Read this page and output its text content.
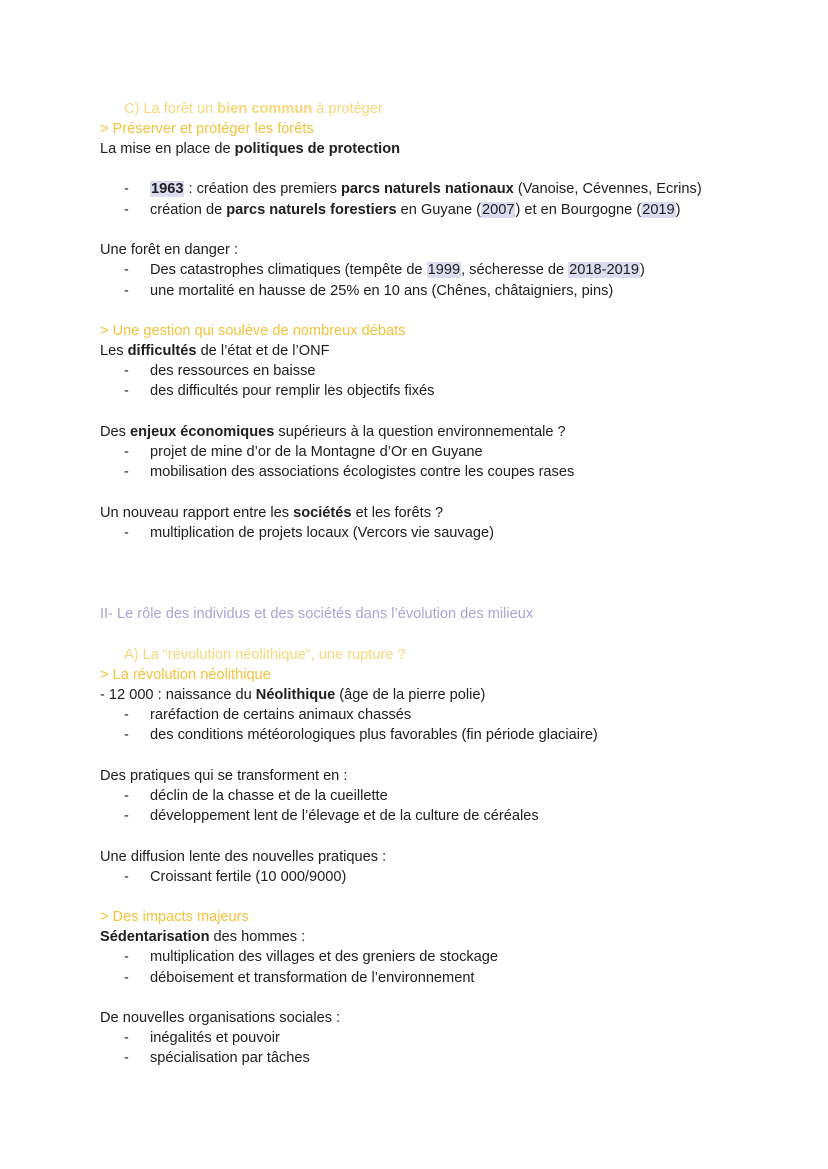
C) La forêt un bien commun à protéger
> Préserver et protéger les forêts
La mise en place de politiques de protection
- 1963 : création des premiers parcs naturels nationaux (Vanoise, Cévennes, Ecrins)
- création de parcs naturels forestiers en Guyane (2007) et en Bourgogne (2019)
Une forêt en danger :
- Des catastrophes climatiques (tempête de 1999, sécheresse de 2018-2019)
- une mortalité en hausse de 25% en 10 ans (Chênes, châtaigniers, pins)
> Une gestion qui soulève de nombreux débats
Les difficultés de l’état et de l’ONF
- des ressources en baisse
- des difficultés pour remplir les objectifs fixés
Des enjeux économiques supérieurs à la question environnementale ?
- projet de mine d’or de la Montagne d’Or en Guyane
- mobilisation des associations écologistes contre les coupes rases
Un nouveau rapport entre les sociétés et les forêts ?
- multiplication de projets locaux (Vercors vie sauvage)
II- Le rôle des individus et des sociétés dans l’évolution des milieux
A) La “révolution néolithique”, une rupture ?
> La révolution néolithique
- 12 000 : naissance du Néolithique (âge de la pierre polie)
- raréfaction de certains animaux chassés
- des conditions météorologiques plus favorables (fin période glaciaire)
Des pratiques qui se transforment en :
- déclin de la chasse et de la cueillette
- développement lent de l’élevage et de la culture de céréales
Une diffusion lente des nouvelles pratiques :
- Croissant fertile (10 000/9000)
> Des impacts majeurs
Sédentarisation des hommes :
- multiplication des villages et des greniers de stockage
- déboisement et transformation de l’environnement
De nouvelles organisations sociales :
- inégalités et pouvoir
- spécialisation par tâches
